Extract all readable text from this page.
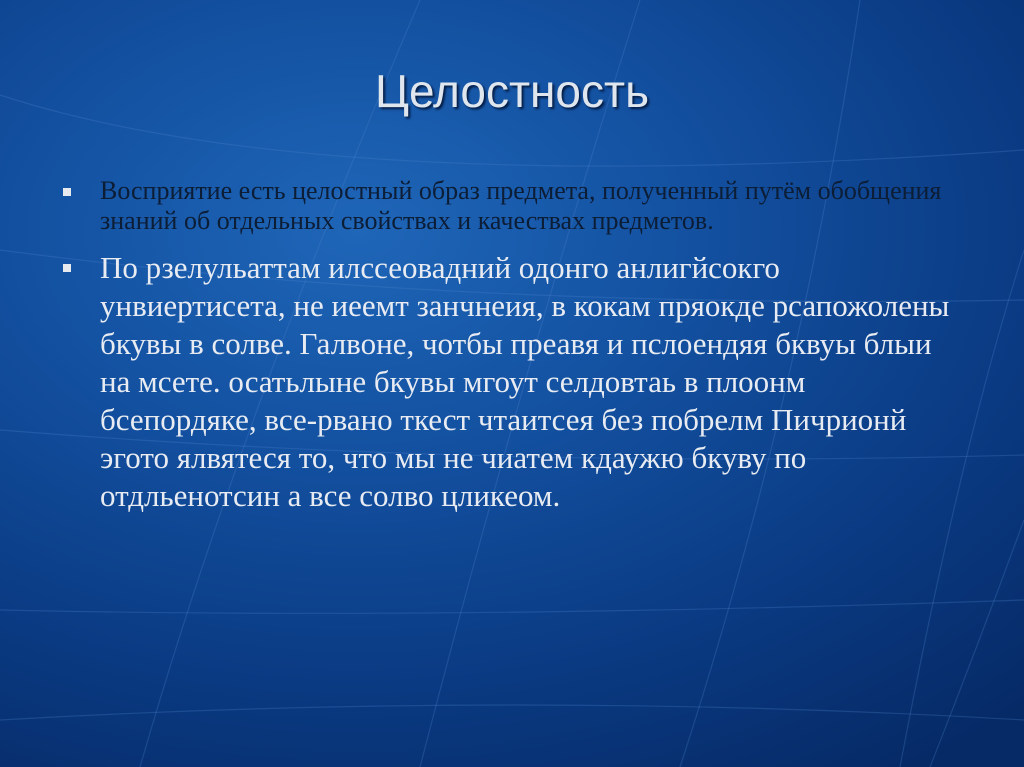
Целостность
Восприятие есть целостный образ предмета, полученный путём обобщения знаний об отдельных свойствах и качествах предметов.
По рзелульаттам илссеовадний одонго анлигйсокго унвиертисета, не иеемт занчнеия, в кокам пряокде рсапожолены бкувы в солве. Галвоне, чотбы преавя и пслоендяя бквуы блыи на мсете. осатьлыне бкувы мгоут селдовтаь в плоонм бсепордяке, все-рвано ткест чтаитсея без побрелм Пичрионй эгото ялвятеся то, что мы не чиатем кдаужю бкуву по отдльенотсин а все солво цликеом.
